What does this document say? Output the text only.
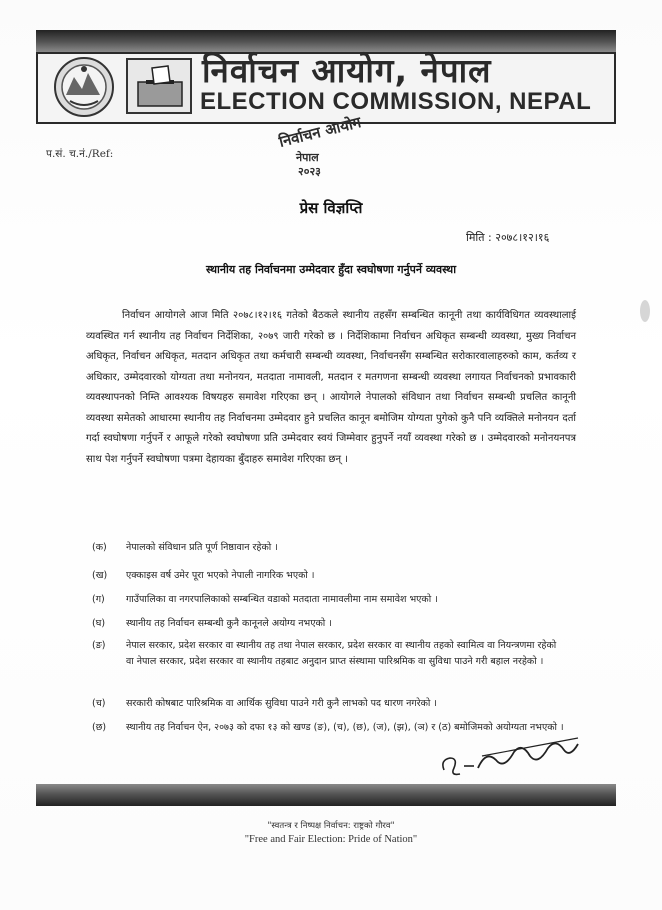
निर्वाचन आयोग, नेपाल
ELECTION COMMISSION, NEPAL
निर्वाचन आयोग
नेपाल
२०२३
प.सं. च.नं./Ref:
प्रेस विज्ञप्ति
मिति : २०७८।१२।१६
स्थानीय तह निर्वाचनमा उम्मेदवार हुँदा स्वघोषणा गर्नुपर्ने व्यवस्था
निर्वाचन आयोगले आज मिति २०७८।१२।१६ गतेको बैठकले स्थानीय तहसँग सम्बन्धित कानूनी तथा कार्यविधिगत व्यवस्थालाई व्यवस्थित गर्न स्थानीय तह निर्वाचन निर्देशिका, २०७९ जारी गरेको छ । निर्देशिकामा निर्वाचन अधिकृत सम्बन्धी व्यवस्था, मुख्य निर्वाचन अधिकृत, निर्वाचन अधिकृत, मतदान अधिकृत तथा कर्मचारी सम्बन्धी व्यवस्था, निर्वाचनसँग सम्बन्धित सरोकारवालाहरुको काम, कर्तव्य र अधिकार, उम्मेदवारको योग्यता तथा मनोनयन, मतदाता नामावली, मतदान र मतगणना सम्बन्धी व्यवस्था लगायत निर्वाचनको प्रभावकारी व्यवस्थापनको निम्ति आवश्यक विषयहरु समावेश गरिएका छन् । आयोगले नेपालको संविधान तथा निर्वाचन सम्बन्धी प्रचलित कानूनी व्यवस्था समेतको आधारमा स्थानीय तह निर्वाचनमा उम्मेदवार हुने प्रचलित कानून बमोजिम योग्यता पुगेको कुनै पनि व्यक्तिले मनोनयन दर्ता गर्दा स्वघोषणा गर्नुपर्ने र आफूले गरेको स्वघोषणा प्रति उम्मेदवार स्वयं जिम्मेवार हुनुपर्ने नयाँ व्यवस्था गरेको छ । उम्मेदवारको मनोनयनपत्र साथ पेश गर्नुपर्ने स्वघोषणा पत्रमा देहायका बुँदाहरु समावेश गरिएका छन् ।
(क)	नेपालको संविधान प्रति पूर्ण निष्ठावान रहेको ।
(ख)	एक्काइस वर्ष उमेर पूरा भएको नेपाली नागरिक भएको ।
(ग)	गाउँपालिका वा नगरपालिकाको सम्बन्धित वडाको मतदाता नामावलीमा नाम समावेश भएको ।
(घ)	स्थानीय तह निर्वाचन सम्बन्धी कुनै कानूनले अयोग्य नभएको ।
(ङ)	नेपाल सरकार, प्रदेश सरकार वा स्थानीय तह तथा नेपाल सरकार, प्रदेश सरकार वा स्थानीय तहको स्वामित्व वा नियन्त्रणमा रहेको वा नेपाल सरकार, प्रदेश सरकार वा स्थानीय तहबाट अनुदान प्राप्त संस्थामा पारिश्रमिक वा सुविधा पाउने गरी बहाल नरहेको ।
(च)	सरकारी कोषबाट पारिश्रमिक वा आर्थिक सुविधा पाउने गरी कुनै लाभको पद धारण नगरेको ।
(छ)	स्थानीय तह निर्वाचन ऐन, २०७३ को दफा १३ को खण्ड (ङ), (च), (छ), (ज), (झ), (ञ) र (ठ) बमोजिमको अयोग्यता नभएको ।
"स्वतन्त्र र निष्पक्ष निर्वाचन: राष्ट्रको गौरव"
"Free and Fair Election: Pride of Nation"
